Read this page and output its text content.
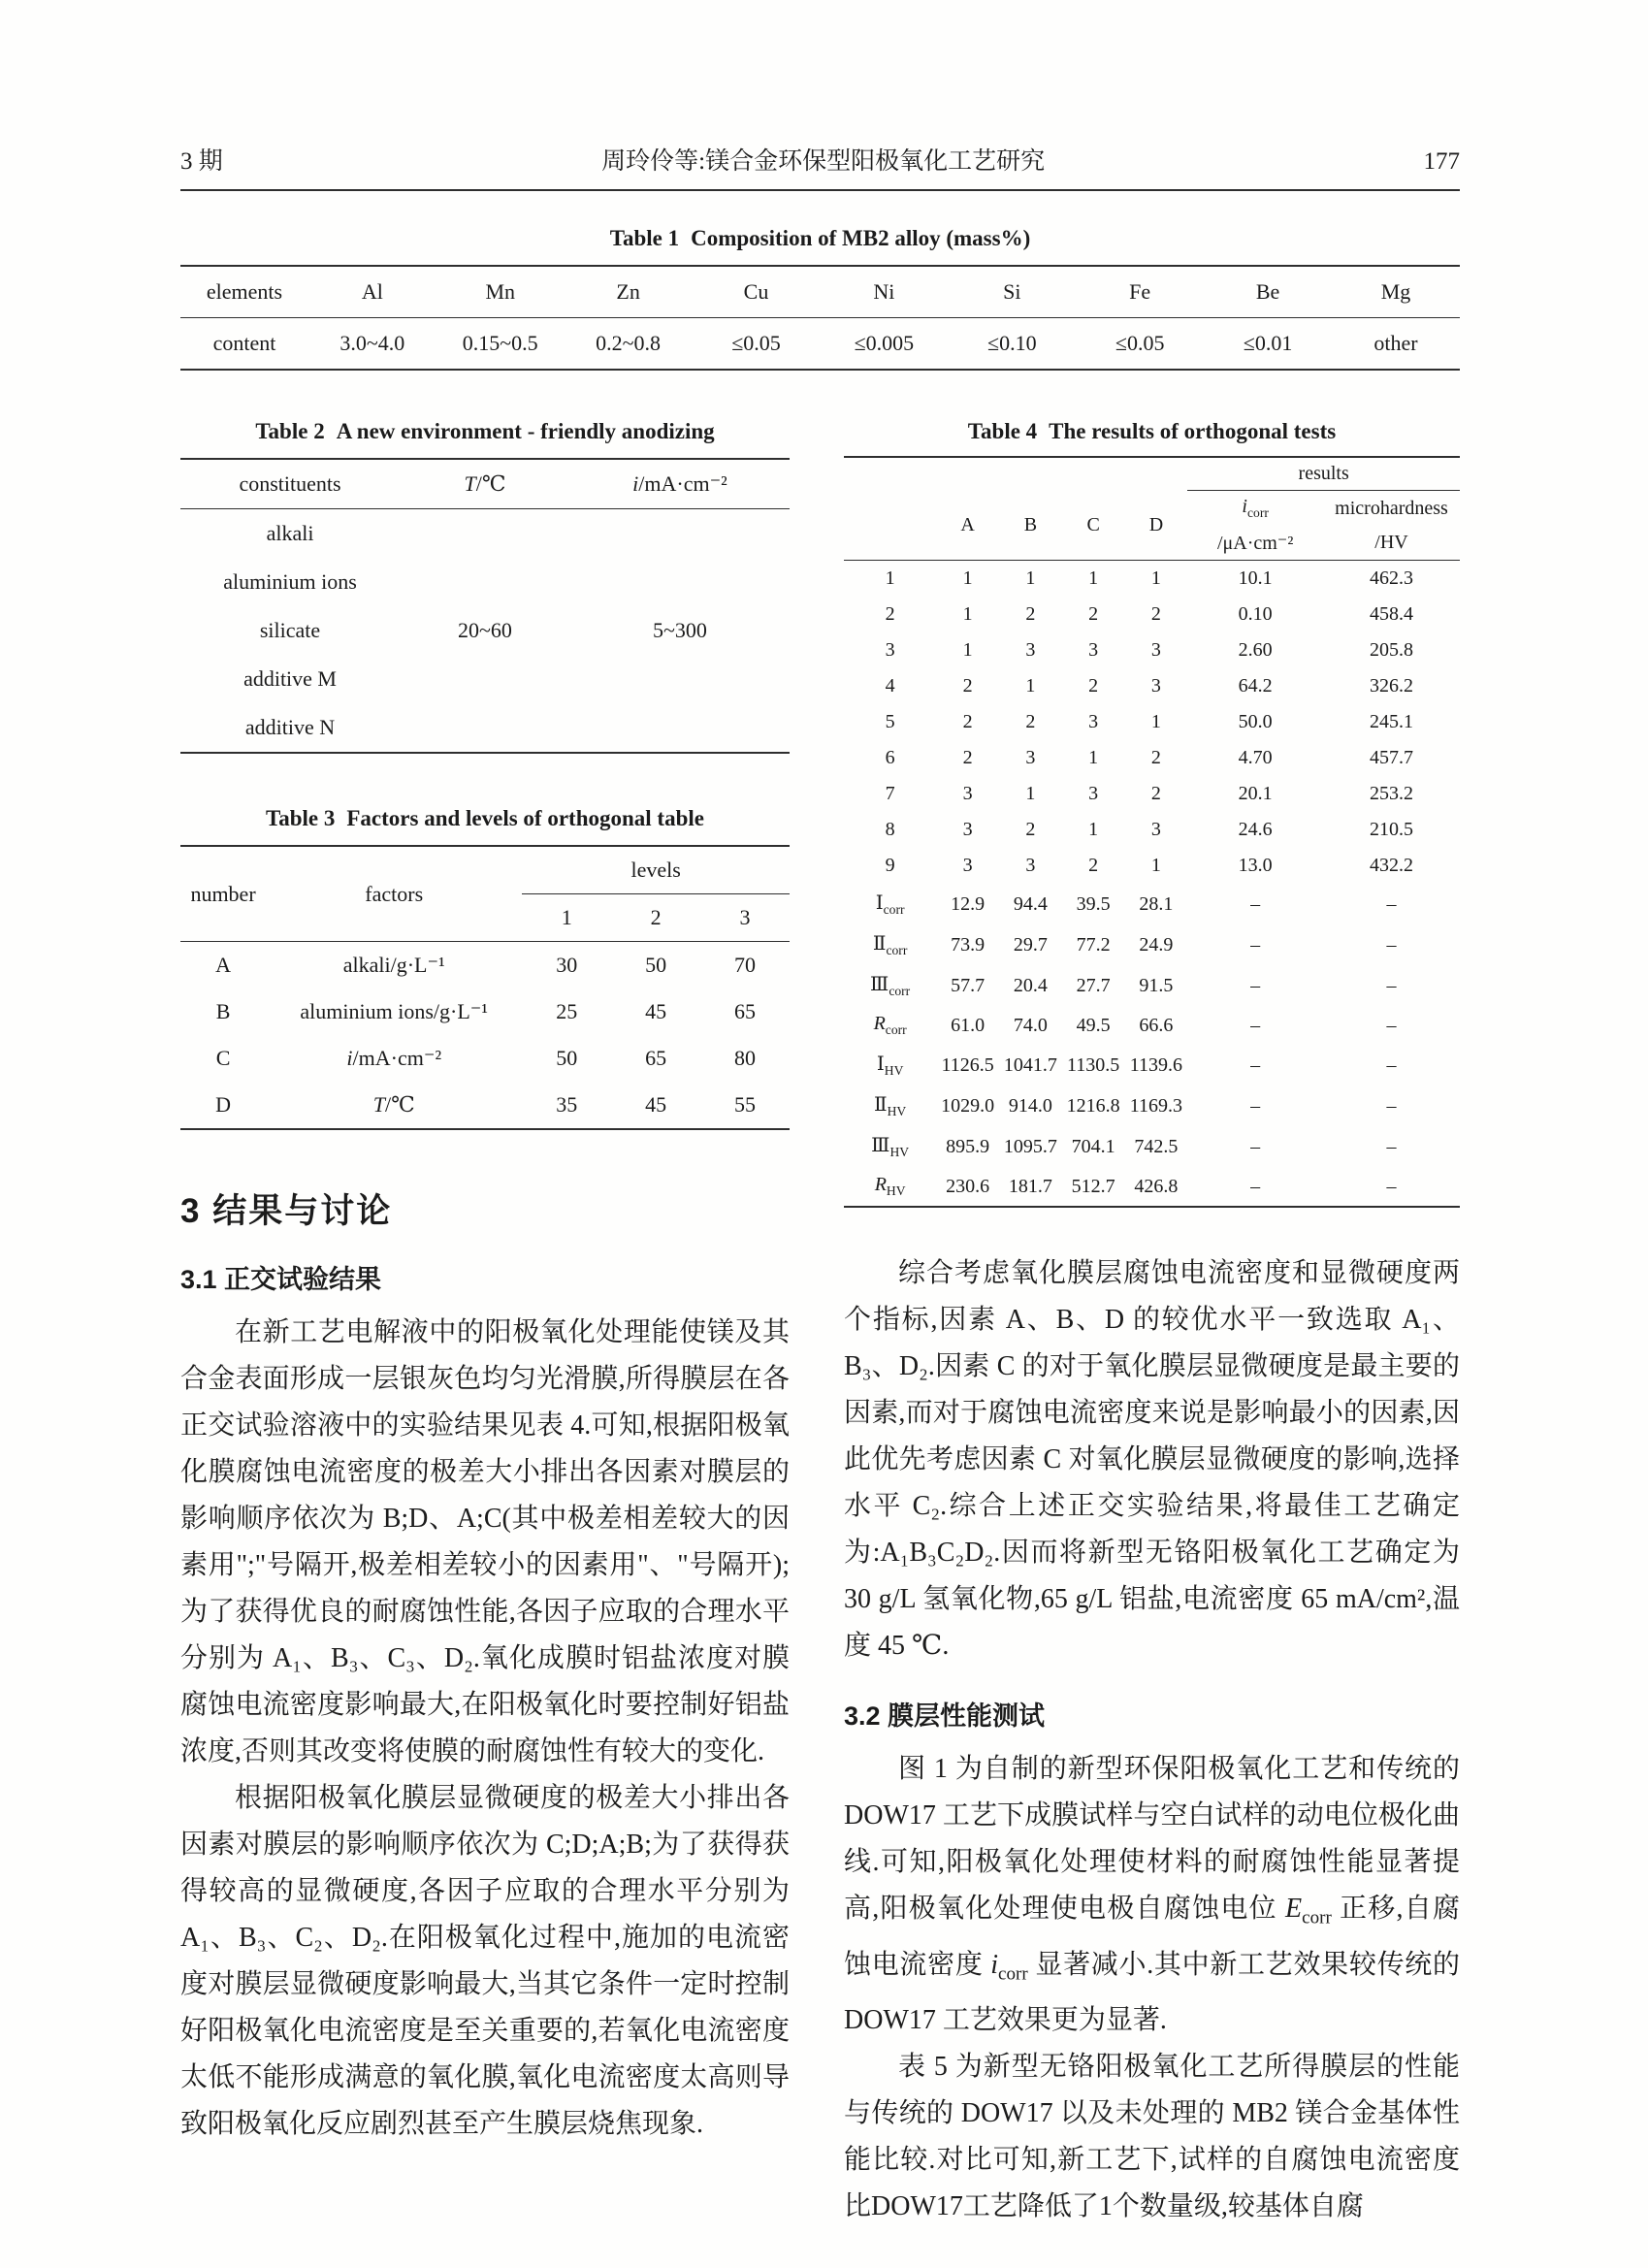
3 期	周玲伶等:镁合金环保型阳极氧化工艺研究	177
Table 1 Composition of MB2 alloy (mass%)
elements	Al	Mn	Zn	Cu	Ni	Si	Fe	Be	Mg
content	3.0~4.0	0.15~0.5	0.2~0.8	≤0.05	≤0.005	≤0.10	≤0.05	≤0.01	other
Table 2 A new environment - friendly anodizing
constituents	T/℃	i/mA·cm⁻²
alkali		
aluminium ions		
silicate	20~60	5~300
additive M		
additive N		
Table 3 Factors and levels of orthogonal table
number	factors	levels		
		1	2	3
A	alkali/g·L⁻¹	30	50	70
B	aluminium ions/g·L⁻¹	25	45	65
C	i/mA·cm⁻²	50	65	80
D	T/℃	35	45	55
3 结果与讨论
3.1 正交试验结果

在新工艺电解液中的阳极氧化处理能使镁及其合金表面形成一层银灰色均匀光滑膜,所得膜层在各正交试验溶液中的实验结果见表 4.可知,根据阳极氧化膜腐蚀电流密度的极差大小排出各因素对膜层的影响顺序依次为 B;D、A;C(其中极差相差较大的因素用";"号隔开,极差相差较小的因素用"、"号隔开);为了获得优良的耐腐蚀性能,各因子应取的合理水平分别为 A₁、B₃、C₃、D₂.氧化成膜时铝盐浓度对膜腐蚀电流密度影响最大,在阳极氧化时要控制好铝盐浓度,否则其改变将使膜的耐腐蚀性有较大的变化.

根据阳极氧化膜层显微硬度的极差大小排出各因素对膜层的影响顺序依次为 C;D;A;B;为了获得获得较高的显微硬度,各因子应取的合理水平分别为 A₁、B₃、C₂、D₂.在阳极氧化过程中,施加的电流密度对膜层显微硬度影响最大,当其它条件一定时控制好阳极氧化电流密度是至关重要的,若氧化电流密度太低不能形成满意的氧化膜,氧化电流密度太高则导致阳极氧化反应剧烈甚至产生膜层烧焦现象.

Table 4 The results of orthogonal tests
					results	
	A	B	C	D	$i_{corr}$	microhardness
					/μA·cm⁻²	/HV
1	1	1	1	1	10.1	462.3
2	1	2	2	2	0.10	458.4
3	1	3	3	3	2.60	205.8
4	2	1	2	3	64.2	326.2
5	2	2	3	1	50.0	245.1
6	2	3	1	2	4.70	457.7
7	3	1	3	2	20.1	253.2
8	3	2	1	3	24.6	210.5
9	3	3	2	1	13.0	432.2
$Ⅰ_{corr}$	12.9	94.4	39.5	28.1	–	–
$Ⅱ_{corr}$	73.9	29.7	77.2	24.9	–	–
$Ⅲ_{corr}$	57.7	20.4	27.7	91.5	–	–
$R_{corr}$	61.0	74.0	49.5	66.6	–	–
$Ⅰ_{HV}$	1126.5	1041.7	1130.5	1139.6	–	–
$Ⅱ_{HV}$	1029.0	914.0	1216.8	1169.3	–	–
$Ⅲ_{HV}$	895.9	1095.7	704.1	742.5	–	–
$R_{HV}$	230.6	181.7	512.7	426.8	–	–

综合考虑氧化膜层腐蚀电流密度和显微硬度两个指标,因素 A、B、D 的较优水平一致选取 A₁、B₃、D₂.因素 C 的对于氧化膜层显微硬度是最主要的因素,而对于腐蚀电流密度来说是影响最小的因素,因此优先考虑因素 C 对氧化膜层显微硬度的影响,选择水平 C₂.综合上述正交实验结果,将最佳工艺确定为:A₁B₃C₂D₂.因而将新型无铬阳极氧化工艺确定为 30 g/L 氢氧化物,65 g/L 铝盐,电流密度 65 mA/cm²,温度 45 ℃.

3.2 膜层性能测试

图 1 为自制的新型环保阳极氧化工艺和传统的 DOW17 工艺下成膜试样与空白试样的动电位极化曲线.可知,阳极氧化处理使材料的耐腐蚀性能显著提高,阳极氧化处理使电极自腐蚀电位 $E_{corr}$ 正移,自腐蚀电流密度 $i_{corr}$ 显著减小.其中新工艺效果较传统的 DOW17 工艺效果更为显著.

表 5 为新型无铬阳极氧化工艺所得膜层的性能与传统的 DOW17 以及未处理的 MB2 镁合金基体性能比较.对比可知,新工艺下,试样的自腐蚀电流密度比DOW17工艺降低了1个数量级,较基体自腐
